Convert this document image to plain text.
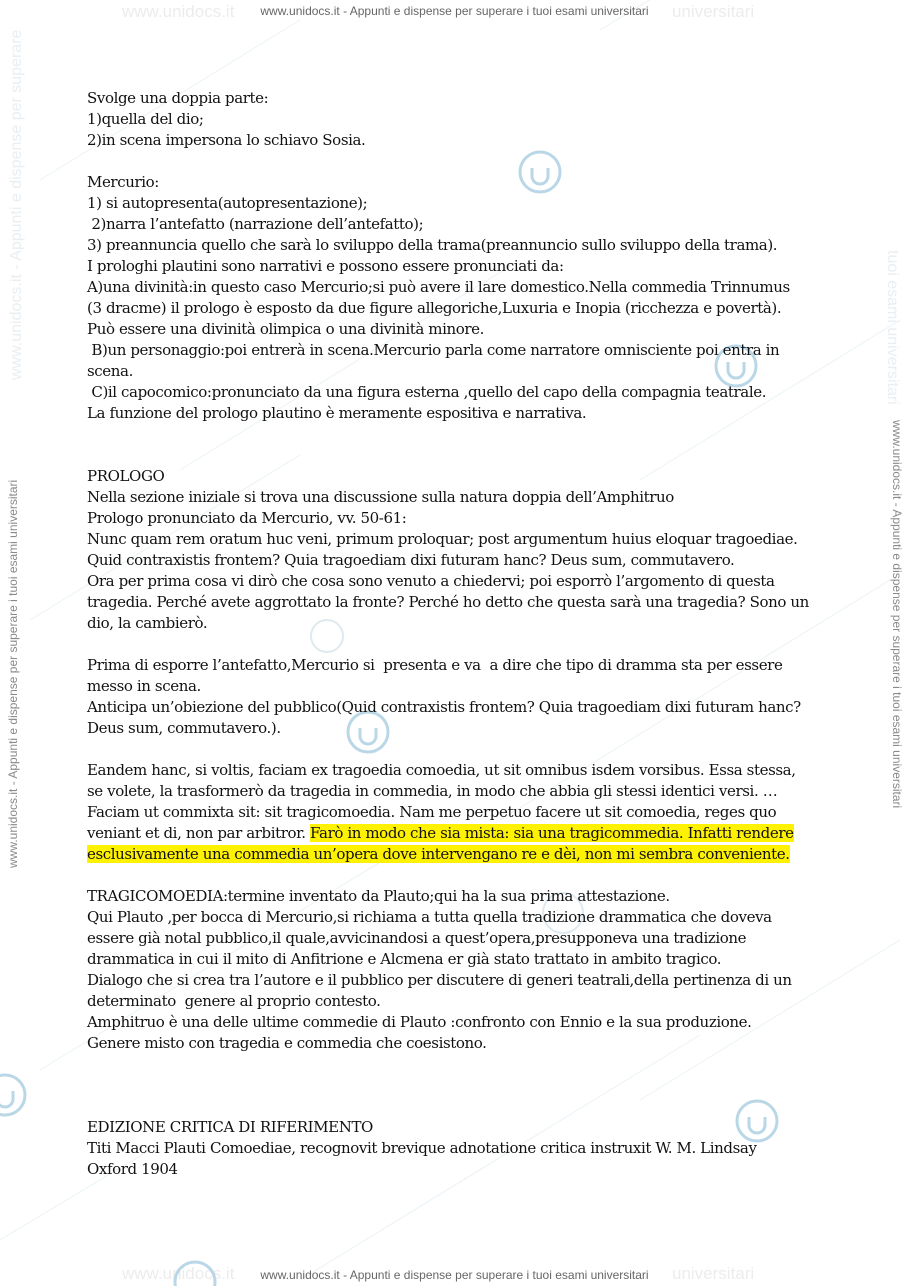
www.unidocs.it	universitari
www.unidocs.it	universitari
www.unidocs.it - Appunti e dispense per superare	tuoi esami universitari
www.unidocs.it - Appunti e dispense per superare i tuoi esami universitari
www.unidocs.it - Appunti e dispense per superare i tuoi esami universitari
www.unidocs.it - Appunti e dispense per superare i tuoi esami universitari	www.unidocs.it - Appunti e dispense per superare i tuoi esami universitari
Svolge una doppia parte:
1)quella del dio;
2)in scena impersona lo schiavo Sosia.
Mercurio:
1) si autopresenta(autopresentazione);
2)narra l’antefatto (narrazione dell’antefatto);
3) preannuncia quello che sarà lo sviluppo della trama(preannuncio sullo sviluppo della trama).
I prologhi plautini sono narrativi e possono essere pronunciati da:
A)una divinità:in questo caso Mercurio;si può avere il lare domestico.Nella commedia Trinnumus
(3 dracme) il prologo è esposto da due figure allegoriche,Luxuria e Inopia (ricchezza e povertà).
Può essere una divinità olimpica o una divinità minore.
B)un personaggio:poi entrerà in scena.Mercurio parla come narratore omnisciente poi entra in
scena.
C)il capocomico:pronunciato da una figura esterna ,quello del capo della compagnia teatrale.
La funzione del prologo plautino è meramente espositiva e narrativa.
PROLOGO
Nella sezione iniziale si trova una discussione sulla natura doppia dell’Amphitruo
Prologo pronunciato da Mercurio, vv. 50-61:
Nunc quam rem oratum huc veni, primum proloquar; post argumentum huius eloquar tragoediae.
Quid contraxistis frontem? Quia tragoediam dixi futuram hanc? Deus sum, commutavero.
Ora per prima cosa vi dirò che cosa sono venuto a chiedervi; poi esporrò l’argomento di questa
tragedia. Perché avete aggrottato la fronte? Perché ho detto che questa sarà una tragedia? Sono un
dio, la cambierò.
Prima di esporre l’antefatto,Mercurio si  presenta e va  a dire che tipo di dramma sta per essere
messo in scena.
Anticipa un’obiezione del pubblico(Quid contraxistis frontem? Quia tragoediam dixi futuram hanc?
Deus sum, commutavero.).
Eandem hanc, si voltis, faciam ex tragoedia comoedia, ut sit omnibus isdem vorsibus. Essa stessa,
se volete, la trasformerò da tragedia in commedia, in modo che abbia gli stessi identici versi. …
Faciam ut commixta sit: sit tragicomoedia. Nam me perpetuo facere ut sit comoedia, reges quo
veniant et di, non par arbitror. Farò in modo che sia mista: sia una tragicommedia. Infatti rendere
esclusivamente una commedia un’opera dove intervengano re e dèi, non mi sembra conveniente.
TRAGICOMOEDIA:termine inventato da Plauto;qui ha la sua prima attestazione.
Qui Plauto ,per bocca di Mercurio,si richiama a tutta quella tradizione drammatica che doveva
essere già notal pubblico,il quale,avvicinandosi a quest’opera,presupponeva una tradizione
drammatica in cui il mito di Anfitrione e Alcmena er già stato trattato in ambito tragico.
Dialogo che si crea tra l’autore e il pubblico per discutere di generi teatrali,della pertinenza di un
determinato  genere al proprio contesto.
Amphitruo è una delle ultime commedie di Plauto :confronto con Ennio e la sua produzione.
Genere misto con tragedia e commedia che coesistono.
EDIZIONE CRITICA DI RIFERIMENTO
Titi Macci Plauti Comoediae, recognovit brevique adnotatione critica instruxit W. M. Lindsay
Oxford 1904
